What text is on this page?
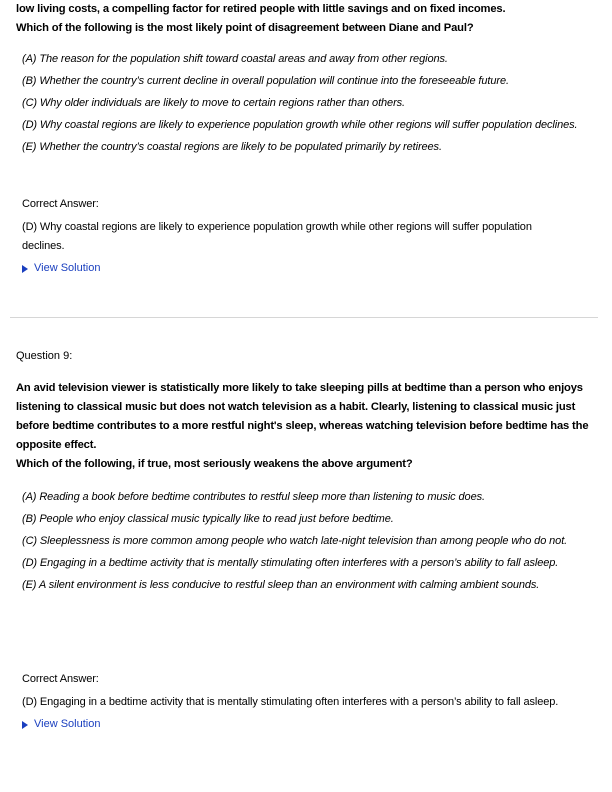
low living costs, a compelling factor for retired people with little savings and on fixed incomes.
Which of the following is the most likely point of disagreement between Diane and Paul?
(A) The reason for the population shift toward coastal areas and away from other regions.
(B) Whether the country’s current decline in overall population will continue into the foreseeable future.
(C) Why older individuals are likely to move to certain regions rather than others.
(D) Why coastal regions are likely to experience population growth while other regions will suffer population declines.
(E) Whether the country’s coastal regions are likely to be populated primarily by retirees.
Correct Answer:
(D) Why coastal regions are likely to experience population growth while other regions will suffer population declines.
View Solution
Question 9:
An avid television viewer is statistically more likely to take sleeping pills at bedtime than a person who enjoys listening to classical music but does not watch television as a habit. Clearly, listening to classical music just before bedtime contributes to a more restful night's sleep, whereas watching television before bedtime has the opposite effect.
Which of the following, if true, most seriously weakens the above argument?
(A) Reading a book before bedtime contributes to restful sleep more than listening to music does.
(B) People who enjoy classical music typically like to read just before bedtime.
(C) Sleeplessness is more common among people who watch late-night television than among people who do not.
(D) Engaging in a bedtime activity that is mentally stimulating often interferes with a person’s ability to fall asleep.
(E) A silent environment is less conducive to restful sleep than an environment with calming ambient sounds.
Correct Answer:
(D) Engaging in a bedtime activity that is mentally stimulating often interferes with a person’s ability to fall asleep.
View Solution
